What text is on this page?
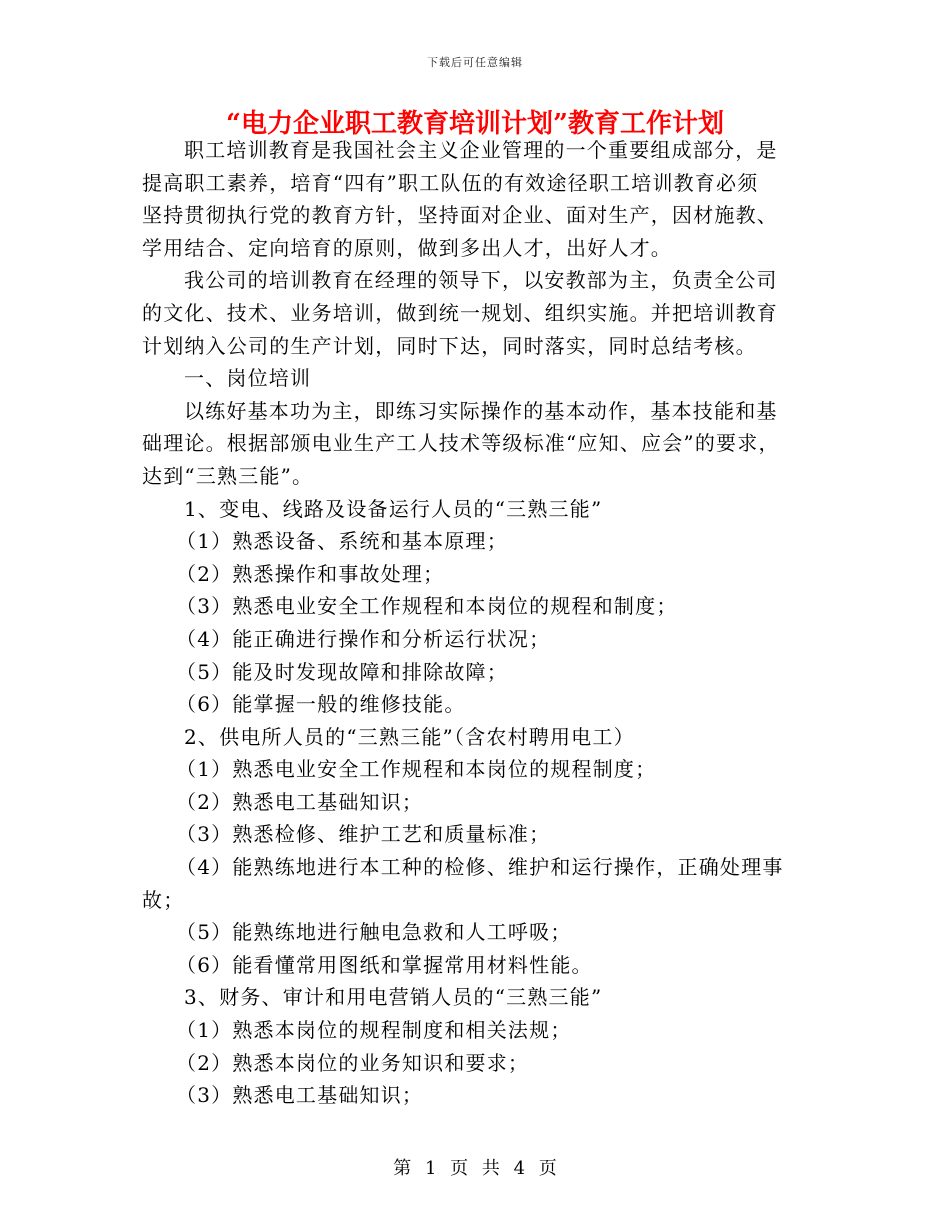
下载后可任意编辑
“电力企业职工教育培训计划”教育工作计划

职工培训教育是我国社会主义企业管理的一个重要组成部分，是

提高职工素养，培育“四有”职工队伍的有效途径职工培训教育必须

坚持贯彻执行党的教育方针，坚持面对企业、面对生产，因材施教、

学用结合、定向培育的原则，做到多出人才，出好人才。

我公司的培训教育在经理的领导下，以安教部为主，负责全公司

的文化、技术、业务培训，做到统一规划、组织实施。并把培训教育

计划纳入公司的生产计划，同时下达，同时落实，同时总结考核。

一、岗位培训

以练好基本功为主，即练习实际操作的基本动作，基本技能和基

础理论。根据部颁电业生产工人技术等级标准“应知、应会”的要求，

达到“三熟三能”。

1、变电、线路及设备运行人员的“三熟三能”

（1）熟悉设备、系统和基本原理；

（2）熟悉操作和事故处理；

（3）熟悉电业安全工作规程和本岗位的规程和制度；

（4）能正确进行操作和分析运行状况；

（5）能及时发现故障和排除故障；

（6）能掌握一般的维修技能。

2、供电所人员的“三熟三能”（含农村聘用电工）

（1）熟悉电业安全工作规程和本岗位的规程制度；

（2）熟悉电工基础知识；

（3）熟悉检修、维护工艺和质量标准；

（4）能熟练地进行本工种的检修、维护和运行操作，正确处理事

故；

（5）能熟练地进行触电急救和人工呼吸；

（6）能看懂常用图纸和掌握常用材料性能。

3、财务、审计和用电营销人员的“三熟三能”

（1）熟悉本岗位的规程制度和相关法规；

（2）熟悉本岗位的业务知识和要求；

（3）熟悉电工基础知识；

第 1 页 共 4 页
